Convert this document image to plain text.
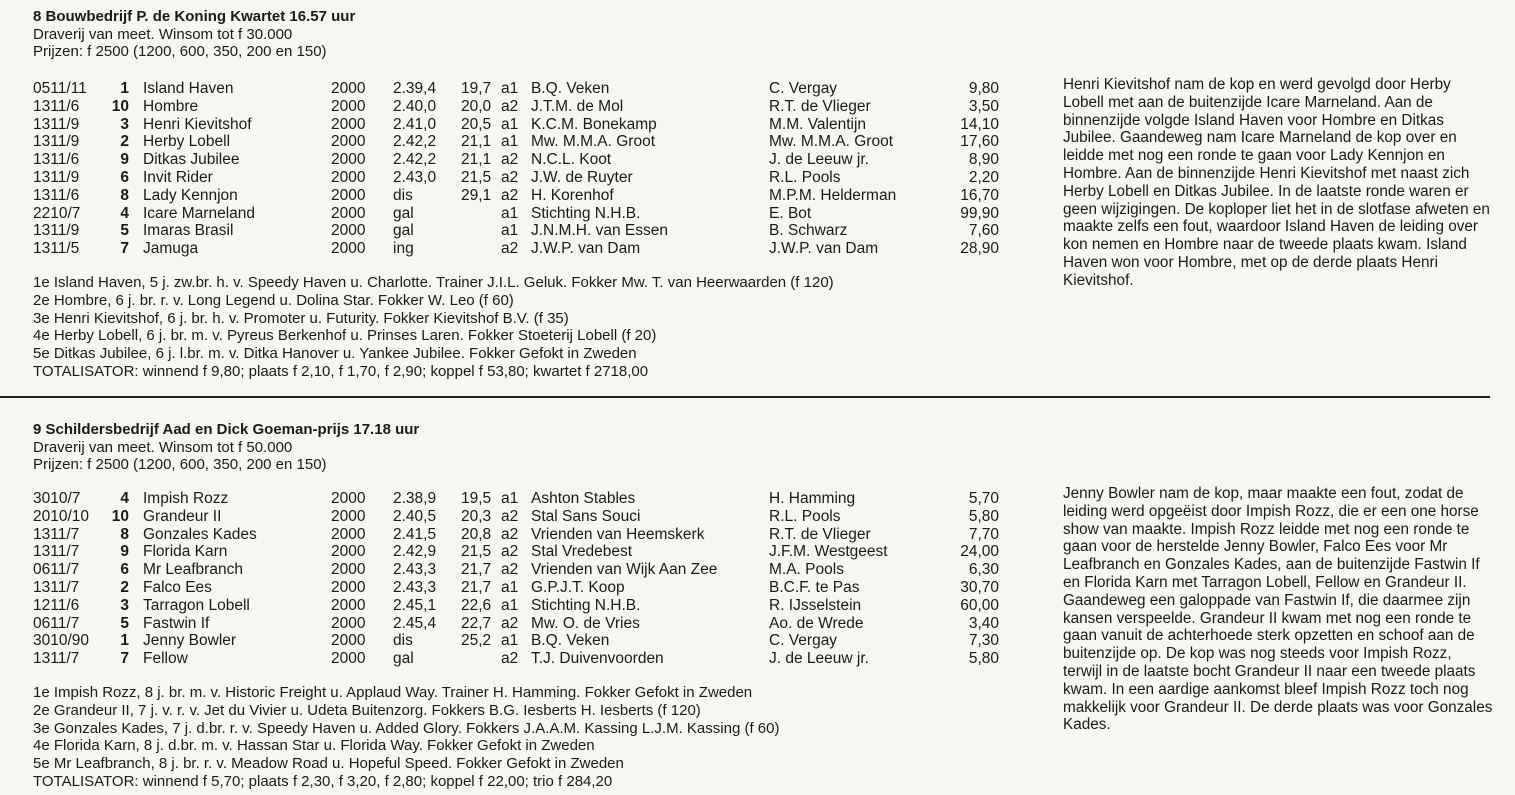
8 Bouwbedrijf P. de Koning Kwartet 16.57 uur
Draverij van meet. Winsom tot f 30.000
Prijzen: f 2500 (1200, 600, 350, 200 en 150)
0511/11	1	Island Haven	2000	2.39,4	19,7	a1	B.Q. Veken	C. Vergay	9,80
1311/6	10	Hombre	2000	2.40,0	20,0	a2	J.T.M. de Mol	R.T. de Vlieger	3,50
1311/9	3	Henri Kievitshof	2000	2.41,0	20,5	a1	K.C.M. Bonekamp	M.M. Valentijn	14,10
1311/9	2	Herby Lobell	2000	2.42,2	21,1	a1	Mw. M.M.A. Groot	Mw. M.M.A. Groot	17,60
1311/6	9	Ditkas Jubilee	2000	2.42,2	21,1	a2	N.C.L. Koot	J. de Leeuw jr.	8,90
1311/9	6	Invit Rider	2000	2.43,0	21,5	a2	J.W. de Ruyter	R.L. Pools	2,20
1311/6	8	Lady Kennjon	2000	dis	29,1	a2	H. Korenhof	M.P.M. Helderman	16,70
2210/7	4	Icare Marneland	2000	gal		a1	Stichting N.H.B.	E. Bot	99,90
1311/9	5	Imaras Brasil	2000	gal		a1	J.N.M.H. van Essen	B. Schwarz	7,60
1311/5	7	Jamuga	2000	ing		a2	J.W.P. van Dam	J.W.P. van Dam	28,90
Henri Kievitshof nam de kop en werd gevolgd door Herby Lobell met aan de buitenzijde Icare Marneland. Aan de binnenzijde volgde Island Haven voor Hombre en Ditkas Jubilee. Gaandeweg nam Icare Marneland de kop over en leidde met nog een ronde te gaan voor Lady Kennjon en Hombre. Aan de binnenzijde Henri Kievitshof met naast zich Herby Lobell en Ditkas Jubilee. In de laatste ronde waren er geen wijzigingen. De koploper liet het in de slotfase afweten en maakte zelfs een fout, waardoor Island Haven de leiding over kon nemen en Hombre naar de tweede plaats kwam. Island Haven won voor Hombre, met op de derde plaats Henri Kievitshof.
1e Island Haven, 5 j. zw.br. h. v. Speedy Haven u. Charlotte. Trainer J.I.L. Geluk. Fokker Mw. T. van Heerwaarden (f 120)
2e Hombre, 6 j. br. r. v. Long Legend u. Dolina Star. Fokker W. Leo (f 60)
3e Henri Kievitshof, 6 j. br. h. v. Promoter u. Futurity. Fokker Kievitshof B.V. (f 35)
4e Herby Lobell, 6 j. br. m. v. Pyreus Berkenhof u. Prinses Laren. Fokker Stoeterij Lobell (f 20)
5e Ditkas Jubilee, 6 j. l.br. m. v. Ditka Hanover u. Yankee Jubilee. Fokker Gefokt in Zweden
TOTALISATOR: winnend f 9,80; plaats f 2,10, f 1,70, f 2,90; koppel f 53,80; kwartet f 2718,00
9 Schildersbedrijf Aad en Dick Goeman-prijs 17.18 uur
Draverij van meet. Winsom tot f 50.000
Prijzen: f 2500 (1200, 600, 350, 200 en 150)
3010/7	4	Impish Rozz	2000	2.38,9	19,5	a1	Ashton Stables	H. Hamming	5,70
2010/10	10	Grandeur II	2000	2.40,5	20,3	a2	Stal Sans Souci	R.L. Pools	5,80
1311/7	8	Gonzales Kades	2000	2.41,5	20,8	a2	Vrienden van Heemskerk	R.T. de Vlieger	7,70
1311/7	9	Florida Karn	2000	2.42,9	21,5	a2	Stal Vredebest	J.F.M. Westgeest	24,00
0611/7	6	Mr Leafbranch	2000	2.43,3	21,7	a2	Vrienden van Wijk Aan Zee	M.A. Pools	6,30
1311/7	2	Falco Ees	2000	2.43,3	21,7	a1	G.P.J.T. Koop	B.C.F. te Pas	30,70
1211/6	3	Tarragon Lobell	2000	2.45,1	22,6	a1	Stichting N.H.B.	R. IJsselstein	60,00
0611/7	5	Fastwin If	2000	2.45,4	22,7	a2	Mw. O. de Vries	Ao. de Wrede	3,40
3010/90	1	Jenny Bowler	2000	dis	25,2	a1	B.Q. Veken	C. Vergay	7,30
1311/7	7	Fellow	2000	gal		a2	T.J. Duivenvoorden	J. de Leeuw jr.	5,80
Jenny Bowler nam de kop, maar maakte een fout, zodat de leiding werd opgeëist door Impish Rozz, die er een one horse show van maakte. Impish Rozz leidde met nog een ronde te gaan voor de herstelde Jenny Bowler, Falco Ees voor Mr Leafbranch en Gonzales Kades, aan de buitenzijde Fastwin If en Florida Karn met Tarragon Lobell, Fellow en Grandeur II. Gaandeweg een galoppade van Fastwin If, die daarmee zijn kansen verspeelde. Grandeur II kwam met nog een ronde te gaan vanuit de achterhoede sterk opzetten en schoof aan de buitenzijde op. De kop was nog steeds voor Impish Rozz, terwijl in de laatste bocht Grandeur II naar een tweede plaats kwam. In een aardige aankomst bleef Impish Rozz toch nog makkelijk voor Grandeur II. De derde plaats was voor Gonzales Kades.
1e Impish Rozz, 8 j. br. m. v. Historic Freight u. Applaud Way. Trainer H. Hamming. Fokker Gefokt in Zweden
2e Grandeur II, 7 j. v. r. v. Jet du Vivier u. Udeta Buitenzorg. Fokkers B.G. Iesberts H. Iesberts (f 120)
3e Gonzales Kades, 7 j. d.br. r. v. Speedy Haven u. Added Glory. Fokkers J.A.A.M. Kassing L.J.M. Kassing (f 60)
4e Florida Karn, 8 j. d.br. m. v. Hassan Star u. Florida Way. Fokker Gefokt in Zweden
5e Mr Leafbranch, 8 j. br. r. v. Meadow Road u. Hopeful Speed. Fokker Gefokt in Zweden
TOTALISATOR: winnend f 5,70; plaats f 2,30, f 3,20, f 2,80; koppel f 22,00; trio f 284,20
